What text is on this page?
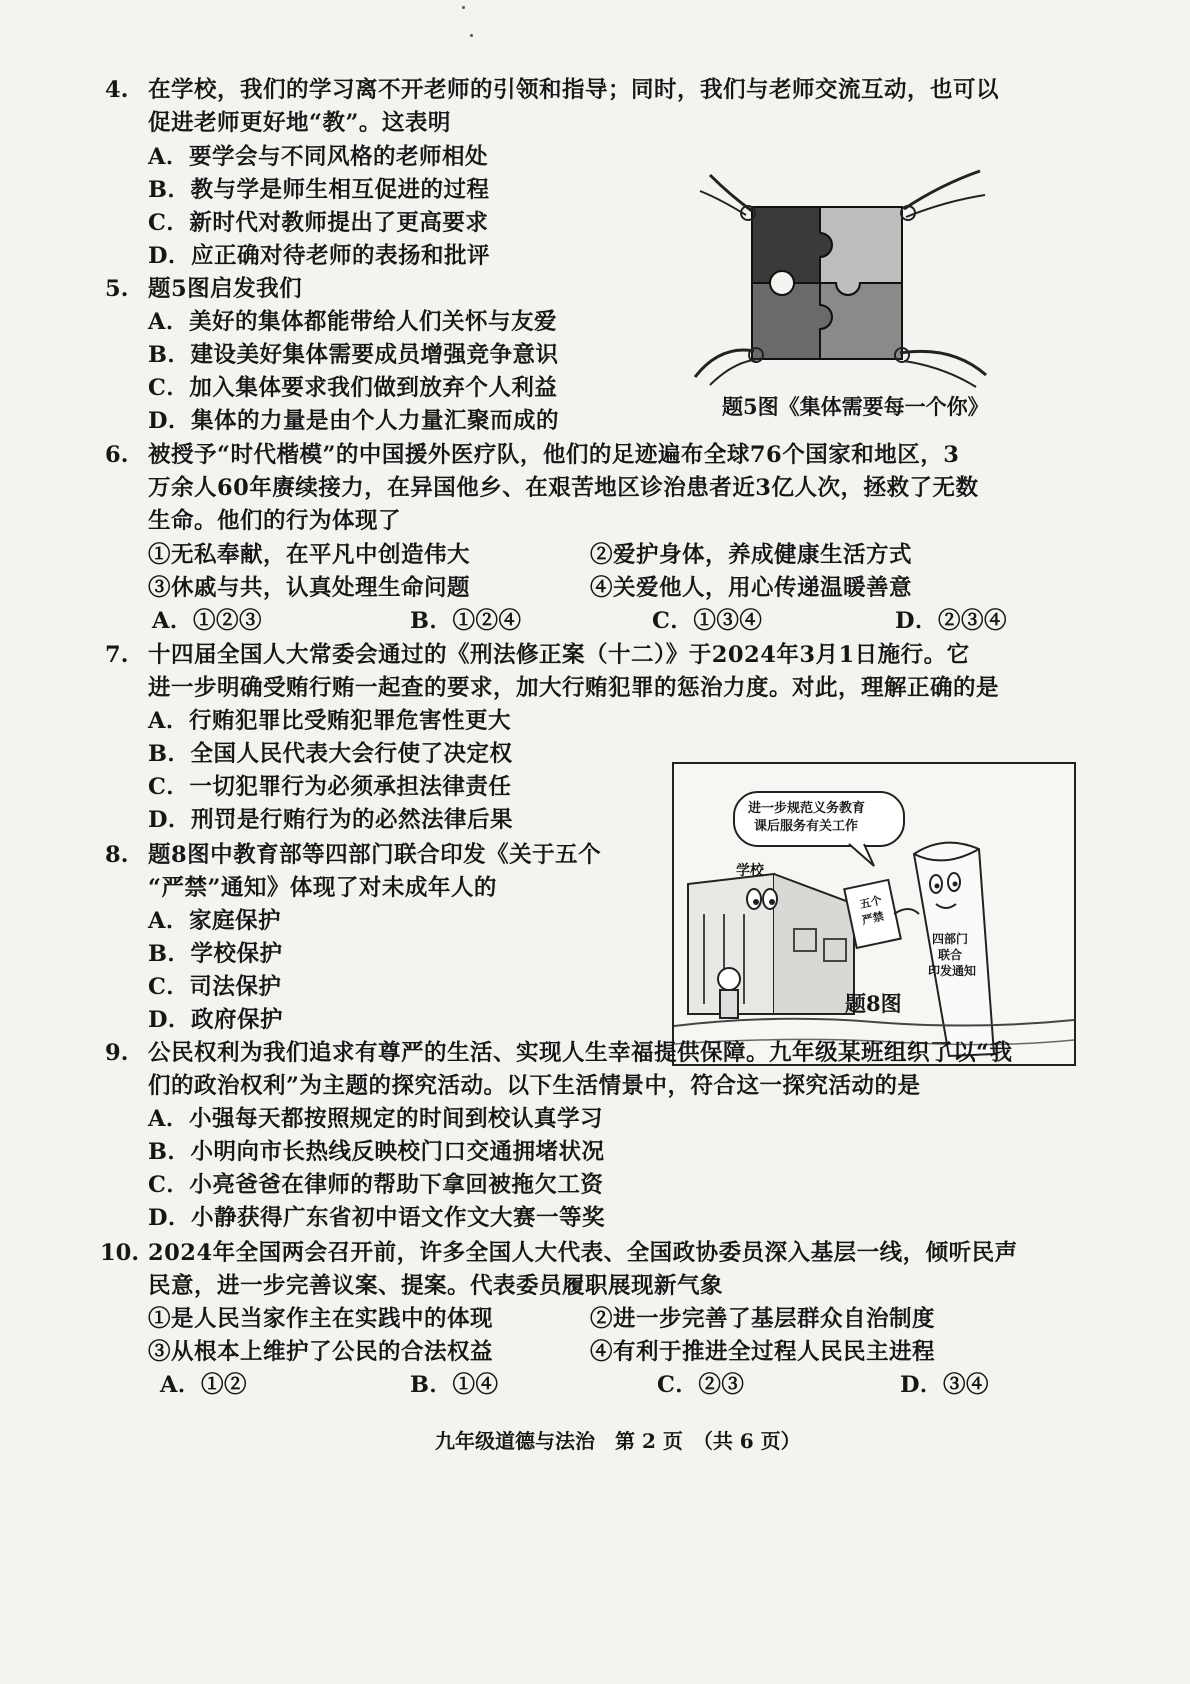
4. 在学校，我们的学习离不开老师的引领和指导；同时，我们与老师交流互动，也可以
促进老师更好地“教”。这表明
A．要学会与不同风格的老师相处
B．教与学是师生相互促进的过程
C．新时代对教师提出了更高要求
D．应正确对待老师的表扬和批评
5. 题5图启发我们
A．美好的集体都能带给人们关怀与友爱
B．建设美好集体需要成员增强竞争意识
C．加入集体要求我们做到放弃个人利益
D．集体的力量是由个人力量汇聚而成的
题5图《集体需要每一个你》
6. 被授予“时代楷模”的中国援外医疗队，他们的足迹遍布全球76个国家和地区，3
万余人60年赓续接力，在异国他乡、在艰苦地区诊治患者近3亿人次，拯救了无数
生命。他们的行为体现了
①无私奉献，在平凡中创造伟大	②爱护身体，养成健康生活方式
③休戚与共，认真处理生命问题	④关爱他人，用心传递温暖善意
A．①②③	B．①②④	C．①③④	D．②③④
7. 十四届全国人大常委会通过的《刑法修正案（十二）》于2024年3月1日施行。它
进一步明确受贿行贿一起查的要求，加大行贿犯罪的惩治力度。对此，理解正确的是
A．行贿犯罪比受贿犯罪危害性更大
B．全国人民代表大会行使了决定权
C．一切犯罪行为必须承担法律责任
D．刑罚是行贿行为的必然法律后果	进一步规范义务教育
课后服务有关工作
学校
五个
严禁
四部门
联合
印发通知
题8图
8. 题8图中教育部等四部门联合印发《关于五个
“严禁”通知》体现了对未成年人的
A．家庭保护
B．学校保护
C．司法保护
D．政府保护
9. 公民权利为我们追求有尊严的生活、实现人生幸福提供保障。九年级某班组织了以“我
们的政治权利”为主题的探究活动。以下生活情景中，符合这一探究活动的是
A．小强每天都按照规定的时间到校认真学习
B．小明向市长热线反映校门口交通拥堵状况
C．小亮爸爸在律师的帮助下拿回被拖欠工资
D．小静获得广东省初中语文作文大赛一等奖
10. 2024年全国两会召开前，许多全国人大代表、全国政协委员深入基层一线，倾听民声
民意，进一步完善议案、提案。代表委员履职展现新气象
①是人民当家作主在实践中的体现	②进一步完善了基层群众自治制度
③从根本上维护了公民的合法权益	④有利于推进全过程人民民主进程
A．①②	B．①④	C．②③	D．③④
九年级道德与法治　第 2 页　（共 6 页）
